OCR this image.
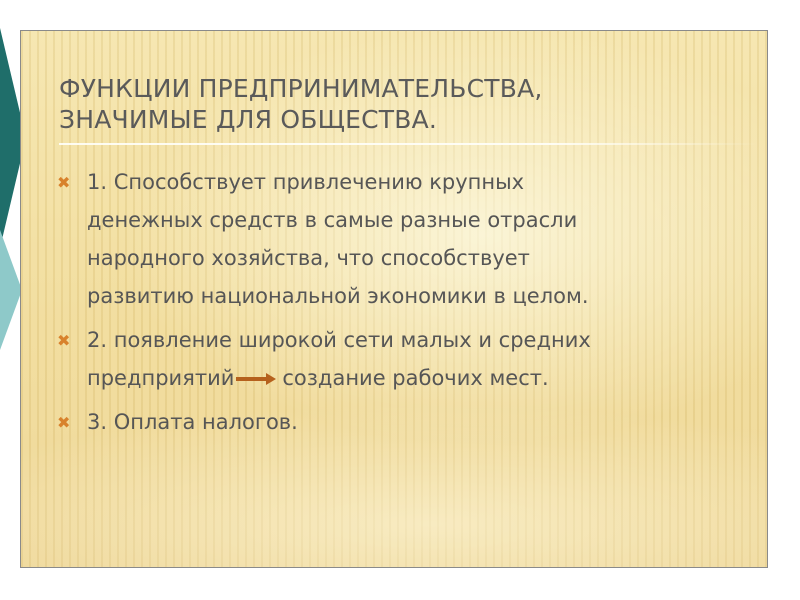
ФУНКЦИИ ПРЕДПРИНИМАТЕЛЬСТВА,
ЗНАЧИМЫЕ ДЛЯ ОБЩЕСТВА.
✖ 1. Способствует привлечению крупных
денежных средств в самые разные отрасли
народного хозяйства, что способствует
развитию национальной экономики в целом.
✖ 2. появление широкой сети малых и средних
предприятий создание рабочих мест.
✖ 3. Оплата налогов.
